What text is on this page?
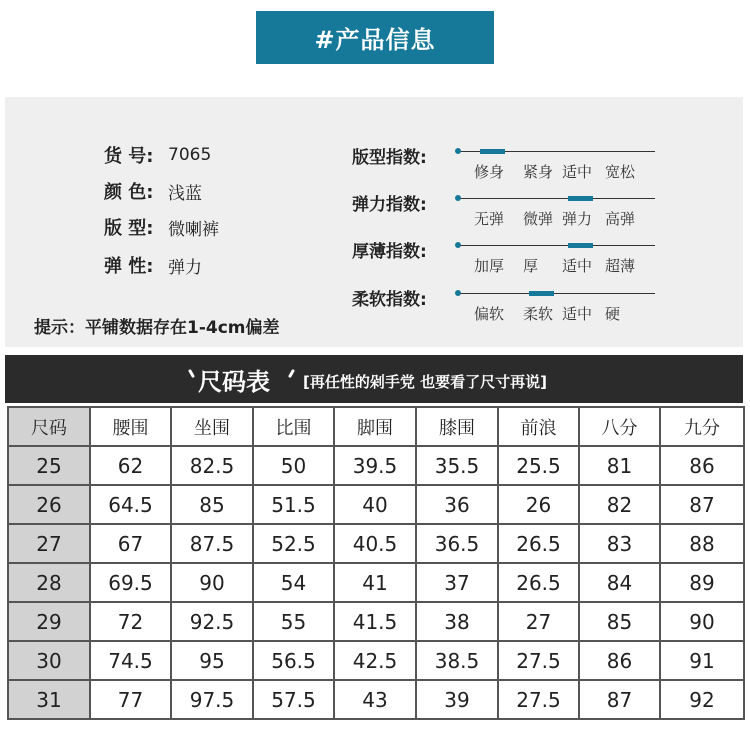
#产品信息
货 号: 7065
颜 色: 浅蓝
版 型: 微喇裤
弹 性: 弹力
提示：平铺数据存在1-4cm偏差
版型指数:
修身	紧身 适中 宽松
弹力指数:
无弹	微弹 弹力 高弹
厚薄指数:
加厚	厚	适中 超薄
柔软指数:
偏软	柔软 适中 硬
尺码表 [再任性的剁手党 也要看了尺寸再说]
尺码	腰围	坐围	比围	脚围	膝围	前浪	八分	九分
25	62	82.5	50	39.5	35.5	25.5	81	86
26	64.5	85	51.5	40	36	26	82	87
27	67	87.5	52.5	40.5	36.5	26.5	83	88
28	69.5	90	54	41	37	26.5	84	89
29	72	92.5	55	41.5	38	27	85	90
30	74.5	95	56.5	42.5	38.5	27.5	86	91
31	77	97.5	57.5	43	39	27.5	87	92
